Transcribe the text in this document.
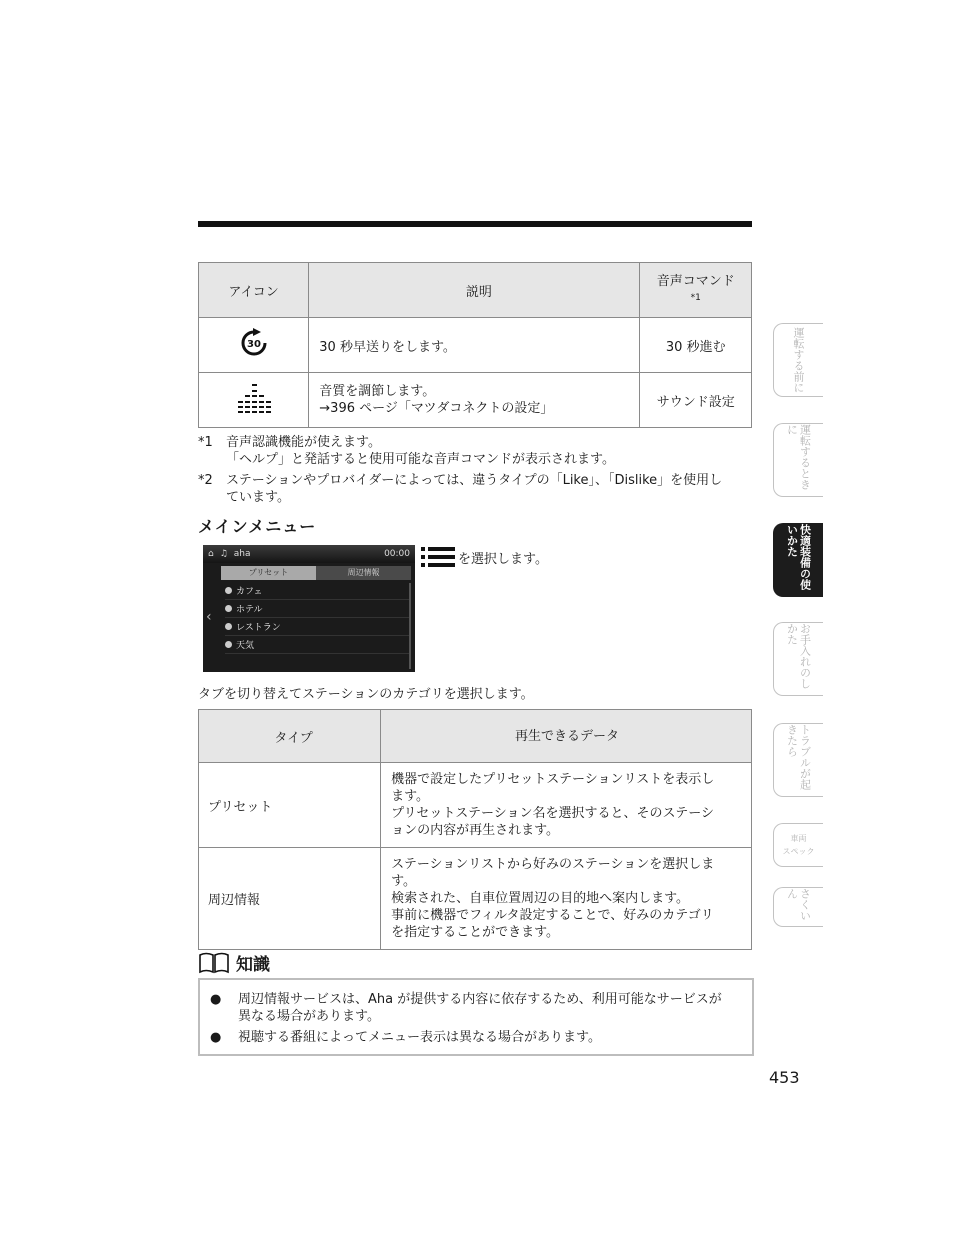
アイコン	説明	音声コマンド
*1

30	30 秒早送りをします。	30 秒進む

音質を調節します。
→396 ページ「マツダコネクトの設定」	サウンド設定
*1	音声認識機能が使えます。
「ヘルプ」と発話すると使用可能な音声コマンドが表示されます。
*2	ステーションやプロバイダーによっては、違うタイプの「Like」、「Dislike」を使用し
ています。
メインメニュー
⌂ ♫ aha	00:00
プリセット	周辺情報
カフェ
ホテル
レストラン
天気
‹
を選択します。
タブを切り替えてステーションのカテゴリを選択します。
タイプ	再生できるデータ
プリセット	機器で設定したプリセットステーションリストを表示し
ます。
プリセットステーション名を選択すると、そのステーシ
ョンの内容が再生されます。

周辺情報	ステーションリストから好みのステーションを選択しま
す。
検索された、自車位置周辺の目的地へ案内します。
事前に機器でフィルタ設定することで、好みのカテゴリ
を指定することができます。
知識
●	周辺情報サービスは、Aha が提供する内容に依存するため、利用可能なサービスが
異なる場合があります。
●	視聴する番組によってメニュー表示は異なる場合があります。
453
運転する前に
運転するときに
快適装備の使いかた
お手入れのしかた
トラブルが起きたら
車両
スペック
さくいん
